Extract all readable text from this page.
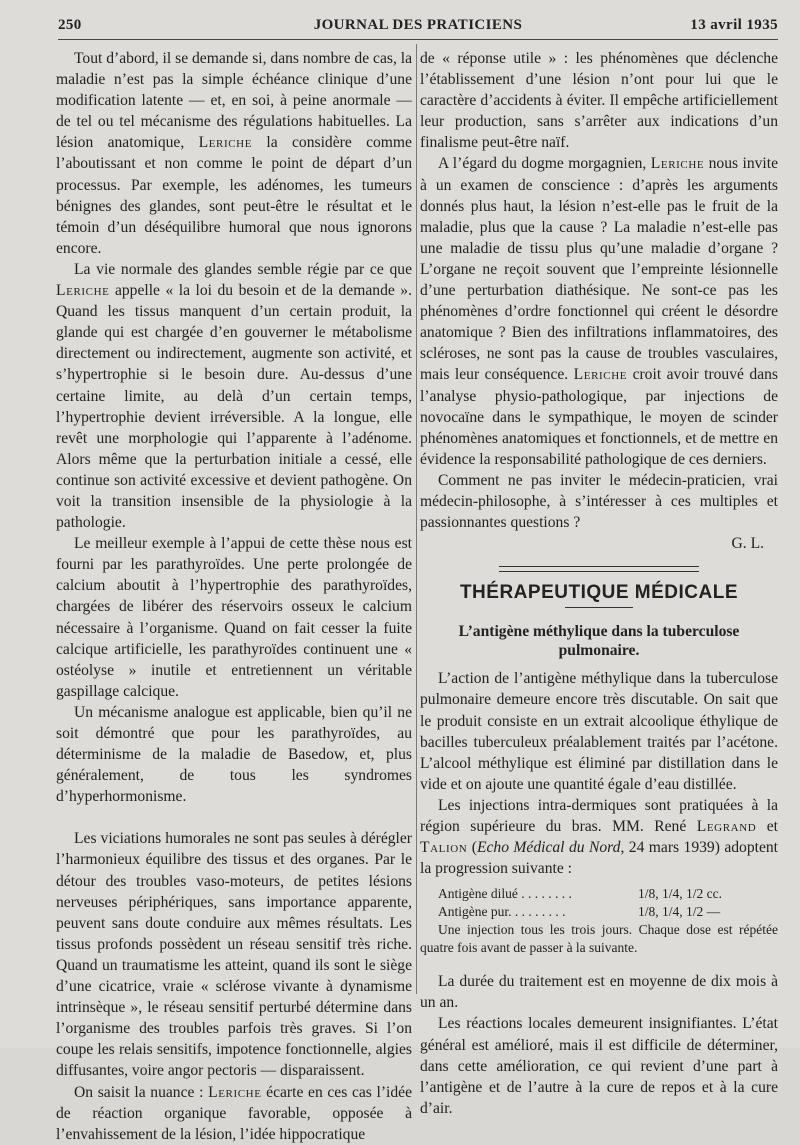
250	JOURNAL DES PRATICIENS	13 avril 1935

Tout d’abord, il se demande si, dans nombre de cas, la maladie n’est pas la simple échéance clinique d’une modification latente — et, en soi, à peine anormale — de tel ou tel mécanisme des régulations habituelles. La lésion anatomique, Leriche la considère comme l’aboutissant et non comme le point de départ d’un processus. Par exemple, les adénomes, les tumeurs bénignes des glandes, sont peut-être le résultat et le témoin d’un déséquilibre humoral que nous ignorons encore.

La vie normale des glandes semble régie par ce que Leriche appelle « la loi du besoin et de la demande ». Quand les tissus manquent d’un certain produit, la glande qui est chargée d’en gouverner le métabolisme directement ou indirectement, augmente son activité, et s’hypertrophie si le besoin dure. Au-dessus d’une certaine limite, au delà d’un certain temps, l’hypertrophie devient irréversible. A la longue, elle revêt une morphologie qui l’apparente à l’adénome. Alors même que la perturbation initiale a cessé, elle continue son activité excessive et devient pathogène. On voit la transition insensible de la physiologie à la pathologie.

Le meilleur exemple à l’appui de cette thèse nous est fourni par les parathyroïdes. Une perte prolongée de calcium aboutit à l’hypertrophie des parathyroïdes, chargées de libérer des réservoirs osseux le calcium nécessaire à l’organisme. Quand on fait cesser la fuite calcique artificielle, les parathyroïdes continuent une « ostéolyse » inutile et entretiennent un véritable gaspillage calcique.

Un mécanisme analogue est applicable, bien qu’il ne soit démontré que pour les parathyroïdes, au déterminisme de la maladie de Basedow, et, plus généralement, de tous les syndromes d’hyperhormonisme.

Les viciations humorales ne sont pas seules à dérégler l’harmonieux équilibre des tissus et des organes. Par le détour des troubles vaso-moteurs, de petites lésions nerveuses périphériques, sans importance apparente, peuvent sans doute conduire aux mêmes résultats. Les tissus profonds possèdent un réseau sensitif très riche. Quand un traumatisme les atteint, quand ils sont le siège d’une cicatrice, vraie « sclérose vivante à dynamisme intrinsèque », le réseau sensitif perturbé détermine dans l’organisme des troubles parfois très graves. Si l’on coupe les relais sensitifs, impotence fonctionnelle, algies diffusantes, voire angor pectoris — disparaissent.

On saisit la nuance : Leriche écarte en ces cas l’idée de réaction organique favorable, opposée à l’envahissement de la lésion, l’idée hippocratique

de « réponse utile » : les phénomènes que déclenche l’établissement d’une lésion n’ont pour lui que le caractère d’accidents à éviter. Il empêche artificiellement leur production, sans s’arrêter aux indications d’un finalisme peut-être naïf.

A l’égard du dogme morgagnien, Leriche nous invite à un examen de conscience : d’après les arguments donnés plus haut, la lésion n’est-elle pas le fruit de la maladie, plus que la cause ? La maladie n’est-elle pas une maladie de tissu plus qu’une maladie d’organe ? L’organe ne reçoit souvent que l’empreinte lésionnelle d’une perturbation diathésique. Ne sont-ce pas les phénomènes d’ordre fonctionnel qui créent le désordre anatomique ? Bien des infiltrations inflammatoires, des scléroses, ne sont pas la cause de troubles vasculaires, mais leur conséquence. Leriche croit avoir trouvé dans l’analyse physio-pathologique, par injections de novocaïne dans le sympathique, le moyen de scinder phénomènes anatomiques et fonctionnels, et de mettre en évidence la responsabilité pathologique de ces derniers.

Comment ne pas inviter le médecin-praticien, vrai médecin-philosophe, à s’intéresser à ces multiples et passionnantes questions ?

G. L.
THÉRAPEUTIQUE MÉDICALE
L’antigène méthylique dans la tuberculose pulmonaire.

L’action de l’antigène méthylique dans la tuberculose pulmonaire demeure encore très discutable. On sait que le produit consiste en un extrait alcoolique éthylique de bacilles tuberculeux préalablement traités par l’acétone. L’alcool méthylique est éliminé par distillation dans le vide et on ajoute une quantité égale d’eau distillée.

Les injections intra-dermiques sont pratiquées à la région supérieure du bras. MM. René Legrand et Talion (Echo Médical du Nord, 24 mars 1939) adoptent la progression suivante :

Antigène dilué . . . . . . . .	1/8, 1/4, 1/2 cc.
Antigène pur. . . . . . . . .	1/8, 1/4, 1/2 —
Une injection tous les trois jours. Chaque dose est répétée quatre fois avant de passer à la suivante.

La durée du traitement est en moyenne de dix mois à un an.

Les réactions locales demeurent insignifiantes. L’état général est amélioré, mais il est difficile de déterminer, dans cette amélioration, ce qui revient d’une part à l’antigène et de l’autre à la cure de repos et à la cure d’air.
